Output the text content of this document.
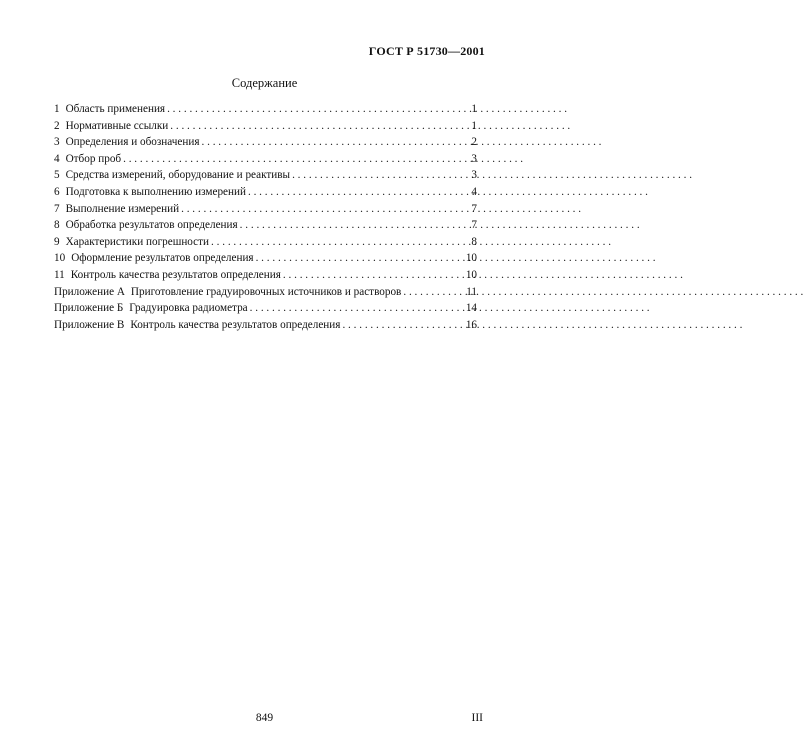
ГОСТ Р 51730—2001
Содержание
1 Область применения . . .	1
2 Нормативные ссылки . . .	1
3 Определения и обозначения . . .	2
4 Отбор проб . . .	3
5 Средства измерений, оборудование и реактивы . . .	3
6 Подготовка к выполнению измерений . . .	4
7 Выполнение измерений . . .	7
8 Обработка результатов определения . . .	7
9 Характеристики погрешности . . .	8
10 Оформление результатов определения . . .	10
11 Контроль качества результатов определения . . .	10
Приложение А Приготовление градуировочных источников и растворов . . .	11
Приложение Б Градуировка радиометра . . .	14
Приложение В Контроль качества результатов определения . . .	16
849	III
